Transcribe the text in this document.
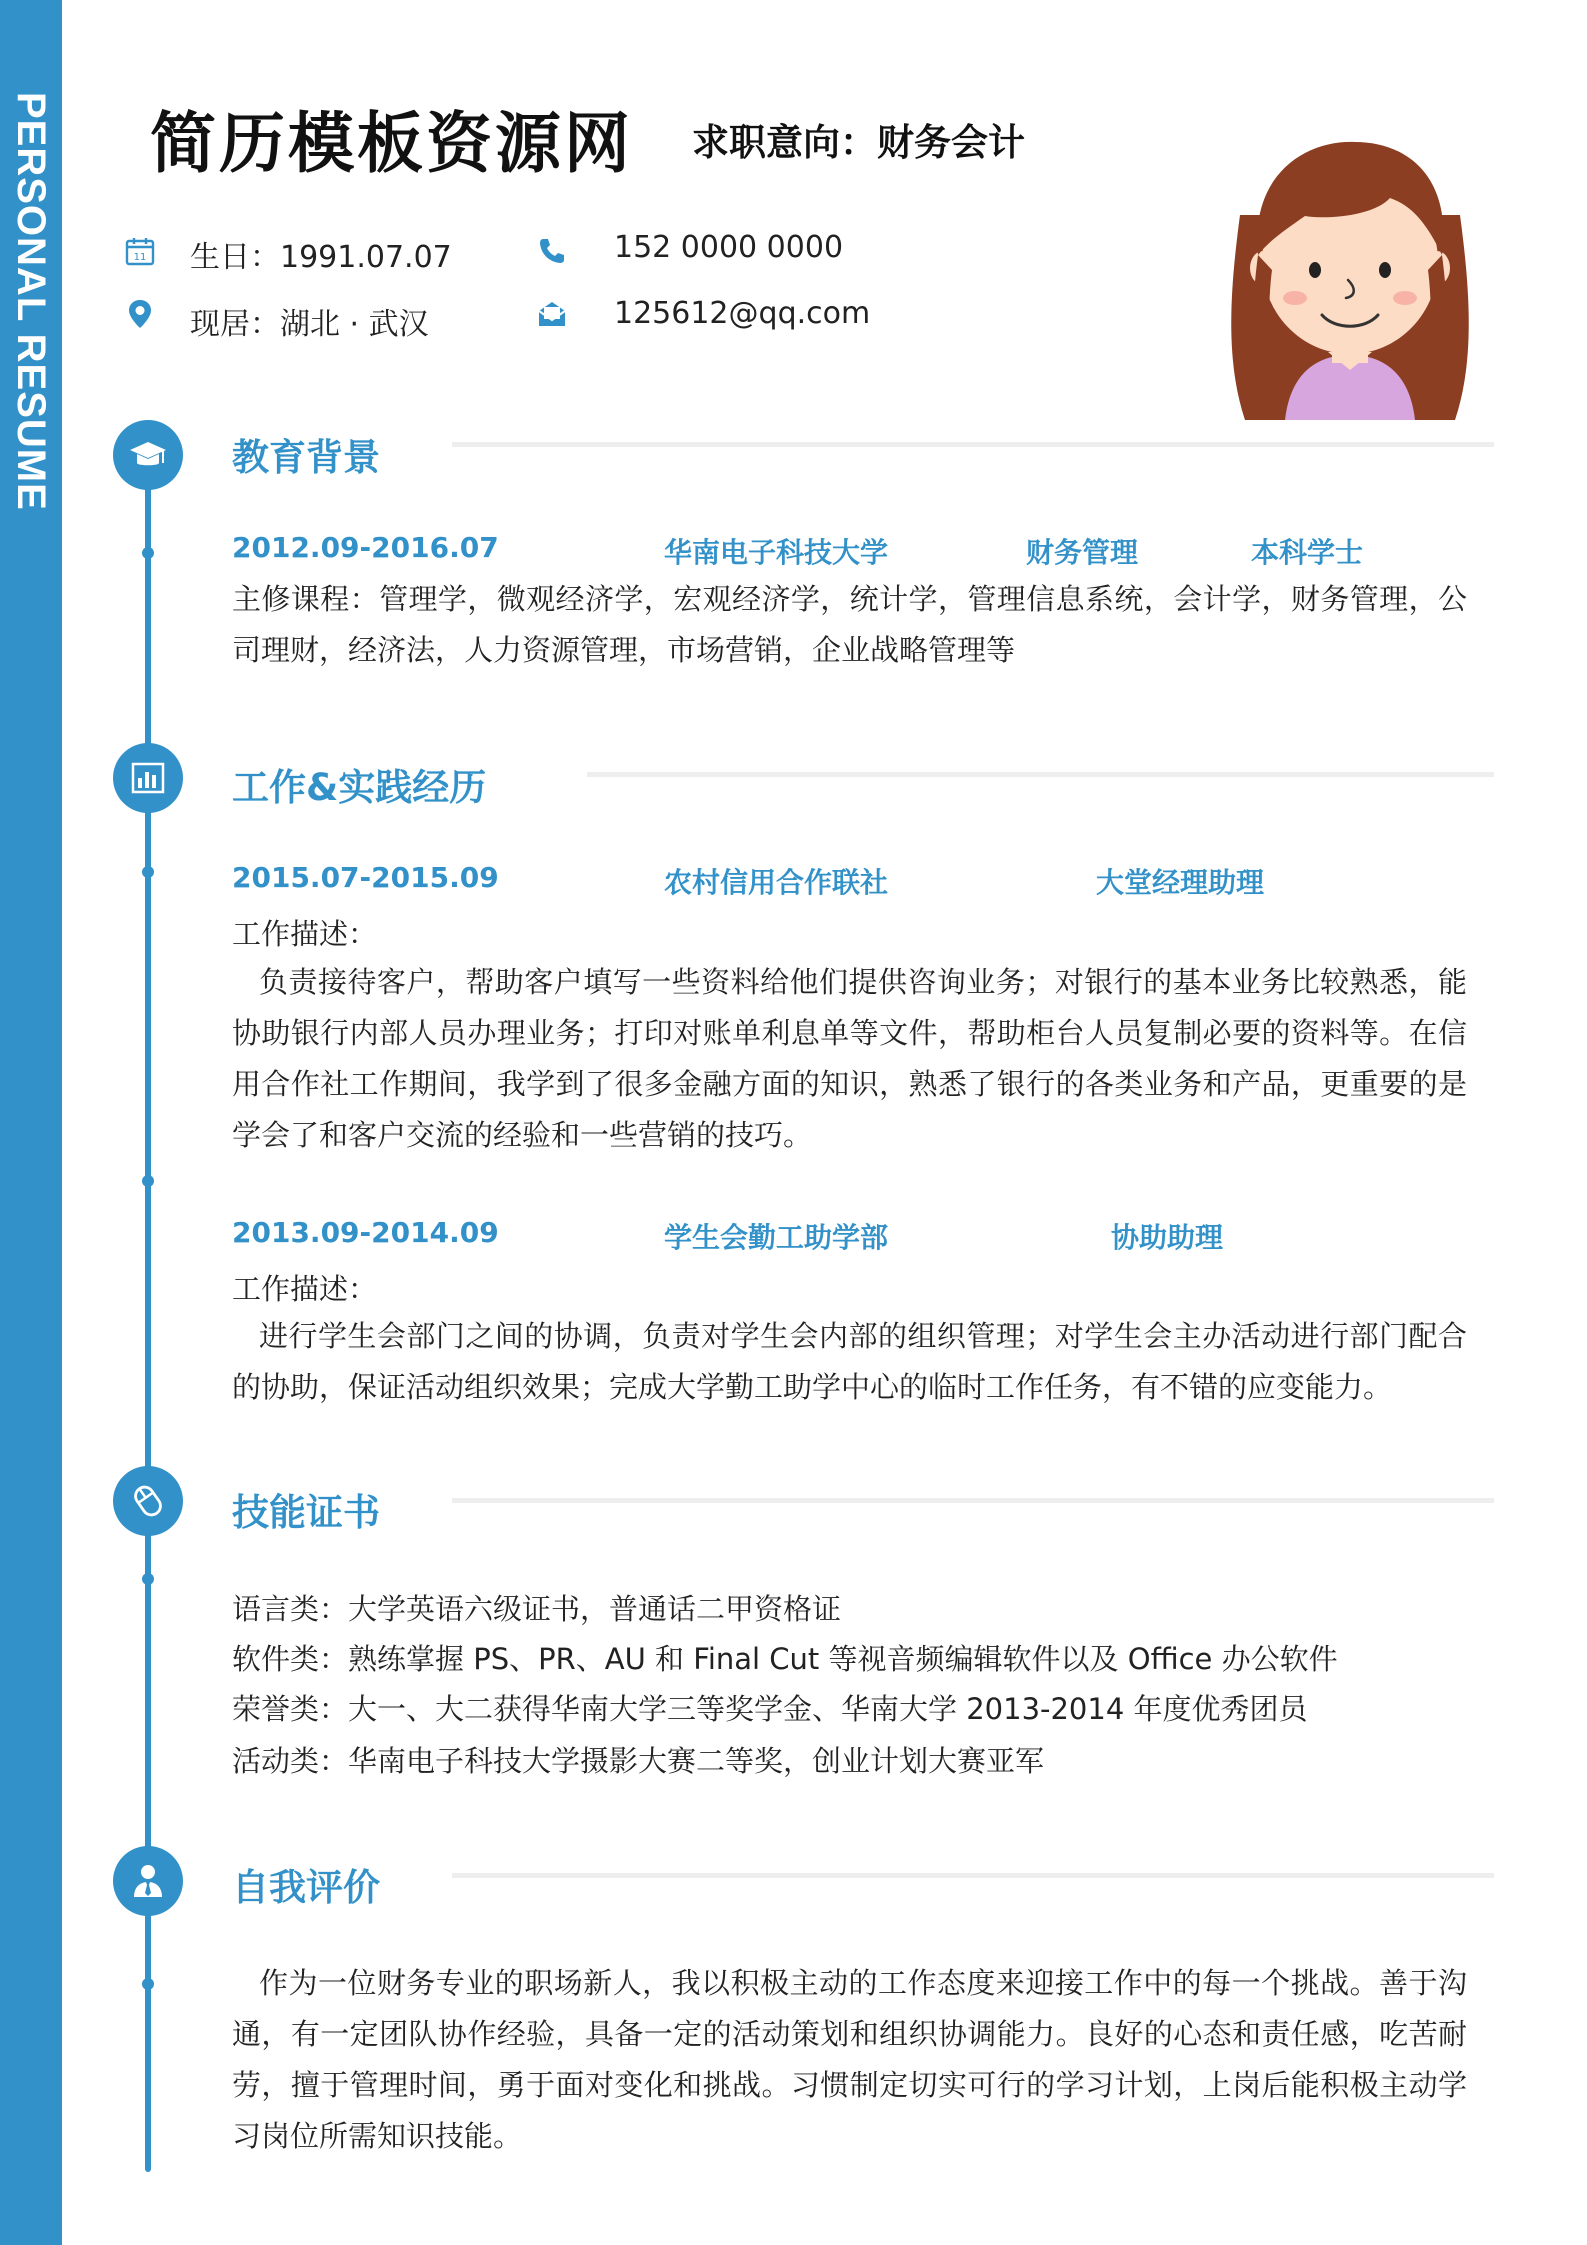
PERSONAL RESUME 简历模板资源网 求职意向：财务会计
11 生日：1991.07.07
现居：湖北 · 武汉
152 0000 0000
125612@qq.com
教育背景
2012.09-2016.07	华南电子科技大学	财务管理	本科学士
主修课程：管理学，微观经济学，宏观经济学，统计学，管理信息系统，会计学，财务管理，公司理财，经济法，人力资源管理，市场营销，企业战略管理等
工作&实践经历
2015.07-2015.09	农村信用合作联社	大堂经理助理
工作描述：
负责接待客户，帮助客户填写一些资料给他们提供咨询业务；对银行的基本业务比较熟悉，能协助银行内部人员办理业务；打印对账单利息单等文件，帮助柜台人员复制必要的资料等。在信用合作社工作期间，我学到了很多金融方面的知识，熟悉了银行的各类业务和产品，更重要的是学会了和客户交流的经验和一些营销的技巧。
2013.09-2014.09	学生会勤工助学部	协助助理
工作描述：
进行学生会部门之间的协调，负责对学生会内部的组织管理；对学生会主办活动进行部门配合的协助，保证活动组织效果；完成大学勤工助学中心的临时工作任务，有不错的应变能力。
技能证书
语言类：大学英语六级证书，普通话二甲资格证
软件类：熟练掌握 PS、PR、AU 和 Final Cut 等视音频编辑软件以及 Office 办公软件
荣誉类：大一、大二获得华南大学三等奖学金、华南大学 2013-2014 年度优秀团员
活动类：华南电子科技大学摄影大赛二等奖，创业计划大赛亚军
自我评价
作为一位财务专业的职场新人，我以积极主动的工作态度来迎接工作中的每一个挑战。善于沟通，有一定团队协作经验，具备一定的活动策划和组织协调能力。良好的心态和责任感，吃苦耐劳，擅于管理时间，勇于面对变化和挑战。习惯制定切实可行的学习计划，上岗后能积极主动学习岗位所需知识技能。
